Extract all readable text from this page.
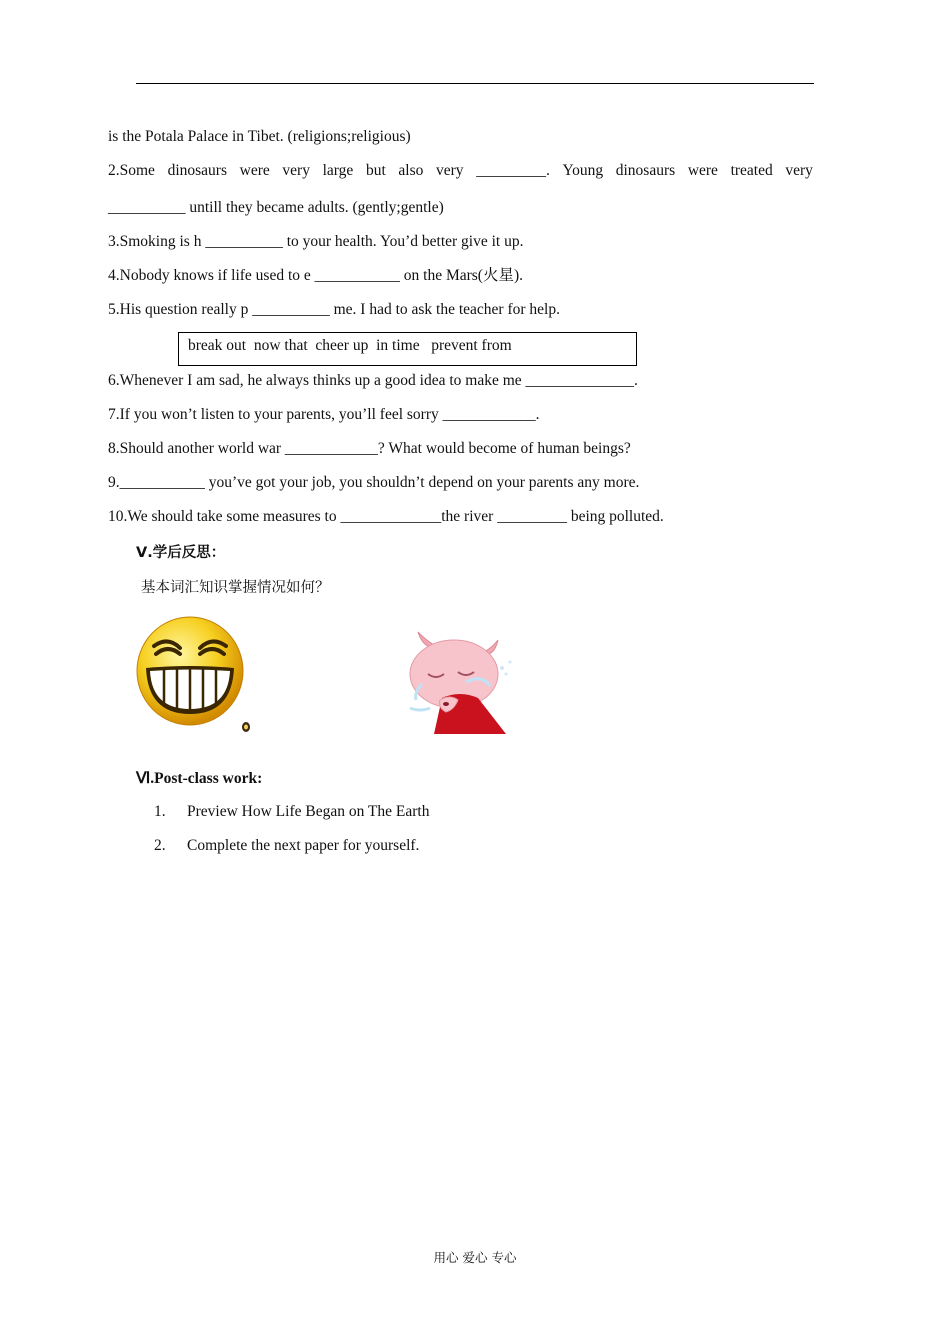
is the Potala Palace in Tibet. (religions;religious)
2.Some dinosaurs were very large but also very _________. Young dinosaurs were treated very
__________ untill they became adults. (gently;gentle)
3.Smoking is h __________ to your health. You’d better give it up.
4.Nobody knows if life used to e ___________ on the Mars(火星).
5.His question really p __________ me. I had to ask the teacher for help.
break out  now that  cheer up  in time   prevent from
6.Whenever I am sad, he always thinks up a good idea to make me ______________.
7.If you won’t listen to your parents, you’ll feel sorry ____________.
8.Should another world war ____________? What would become of human beings?
9.___________ you’ve got your job, you shouldn’t depend on your parents any more.
10.We should take some measures to _____________the river _________ being polluted.
Ⅴ.学后反思：
基本词汇知识掌握情况如何？
Ⅵ.Post-class work:
1. Preview How Life Began on The Earth
2. Complete the next paper for yourself.
用心 爱心 专心
